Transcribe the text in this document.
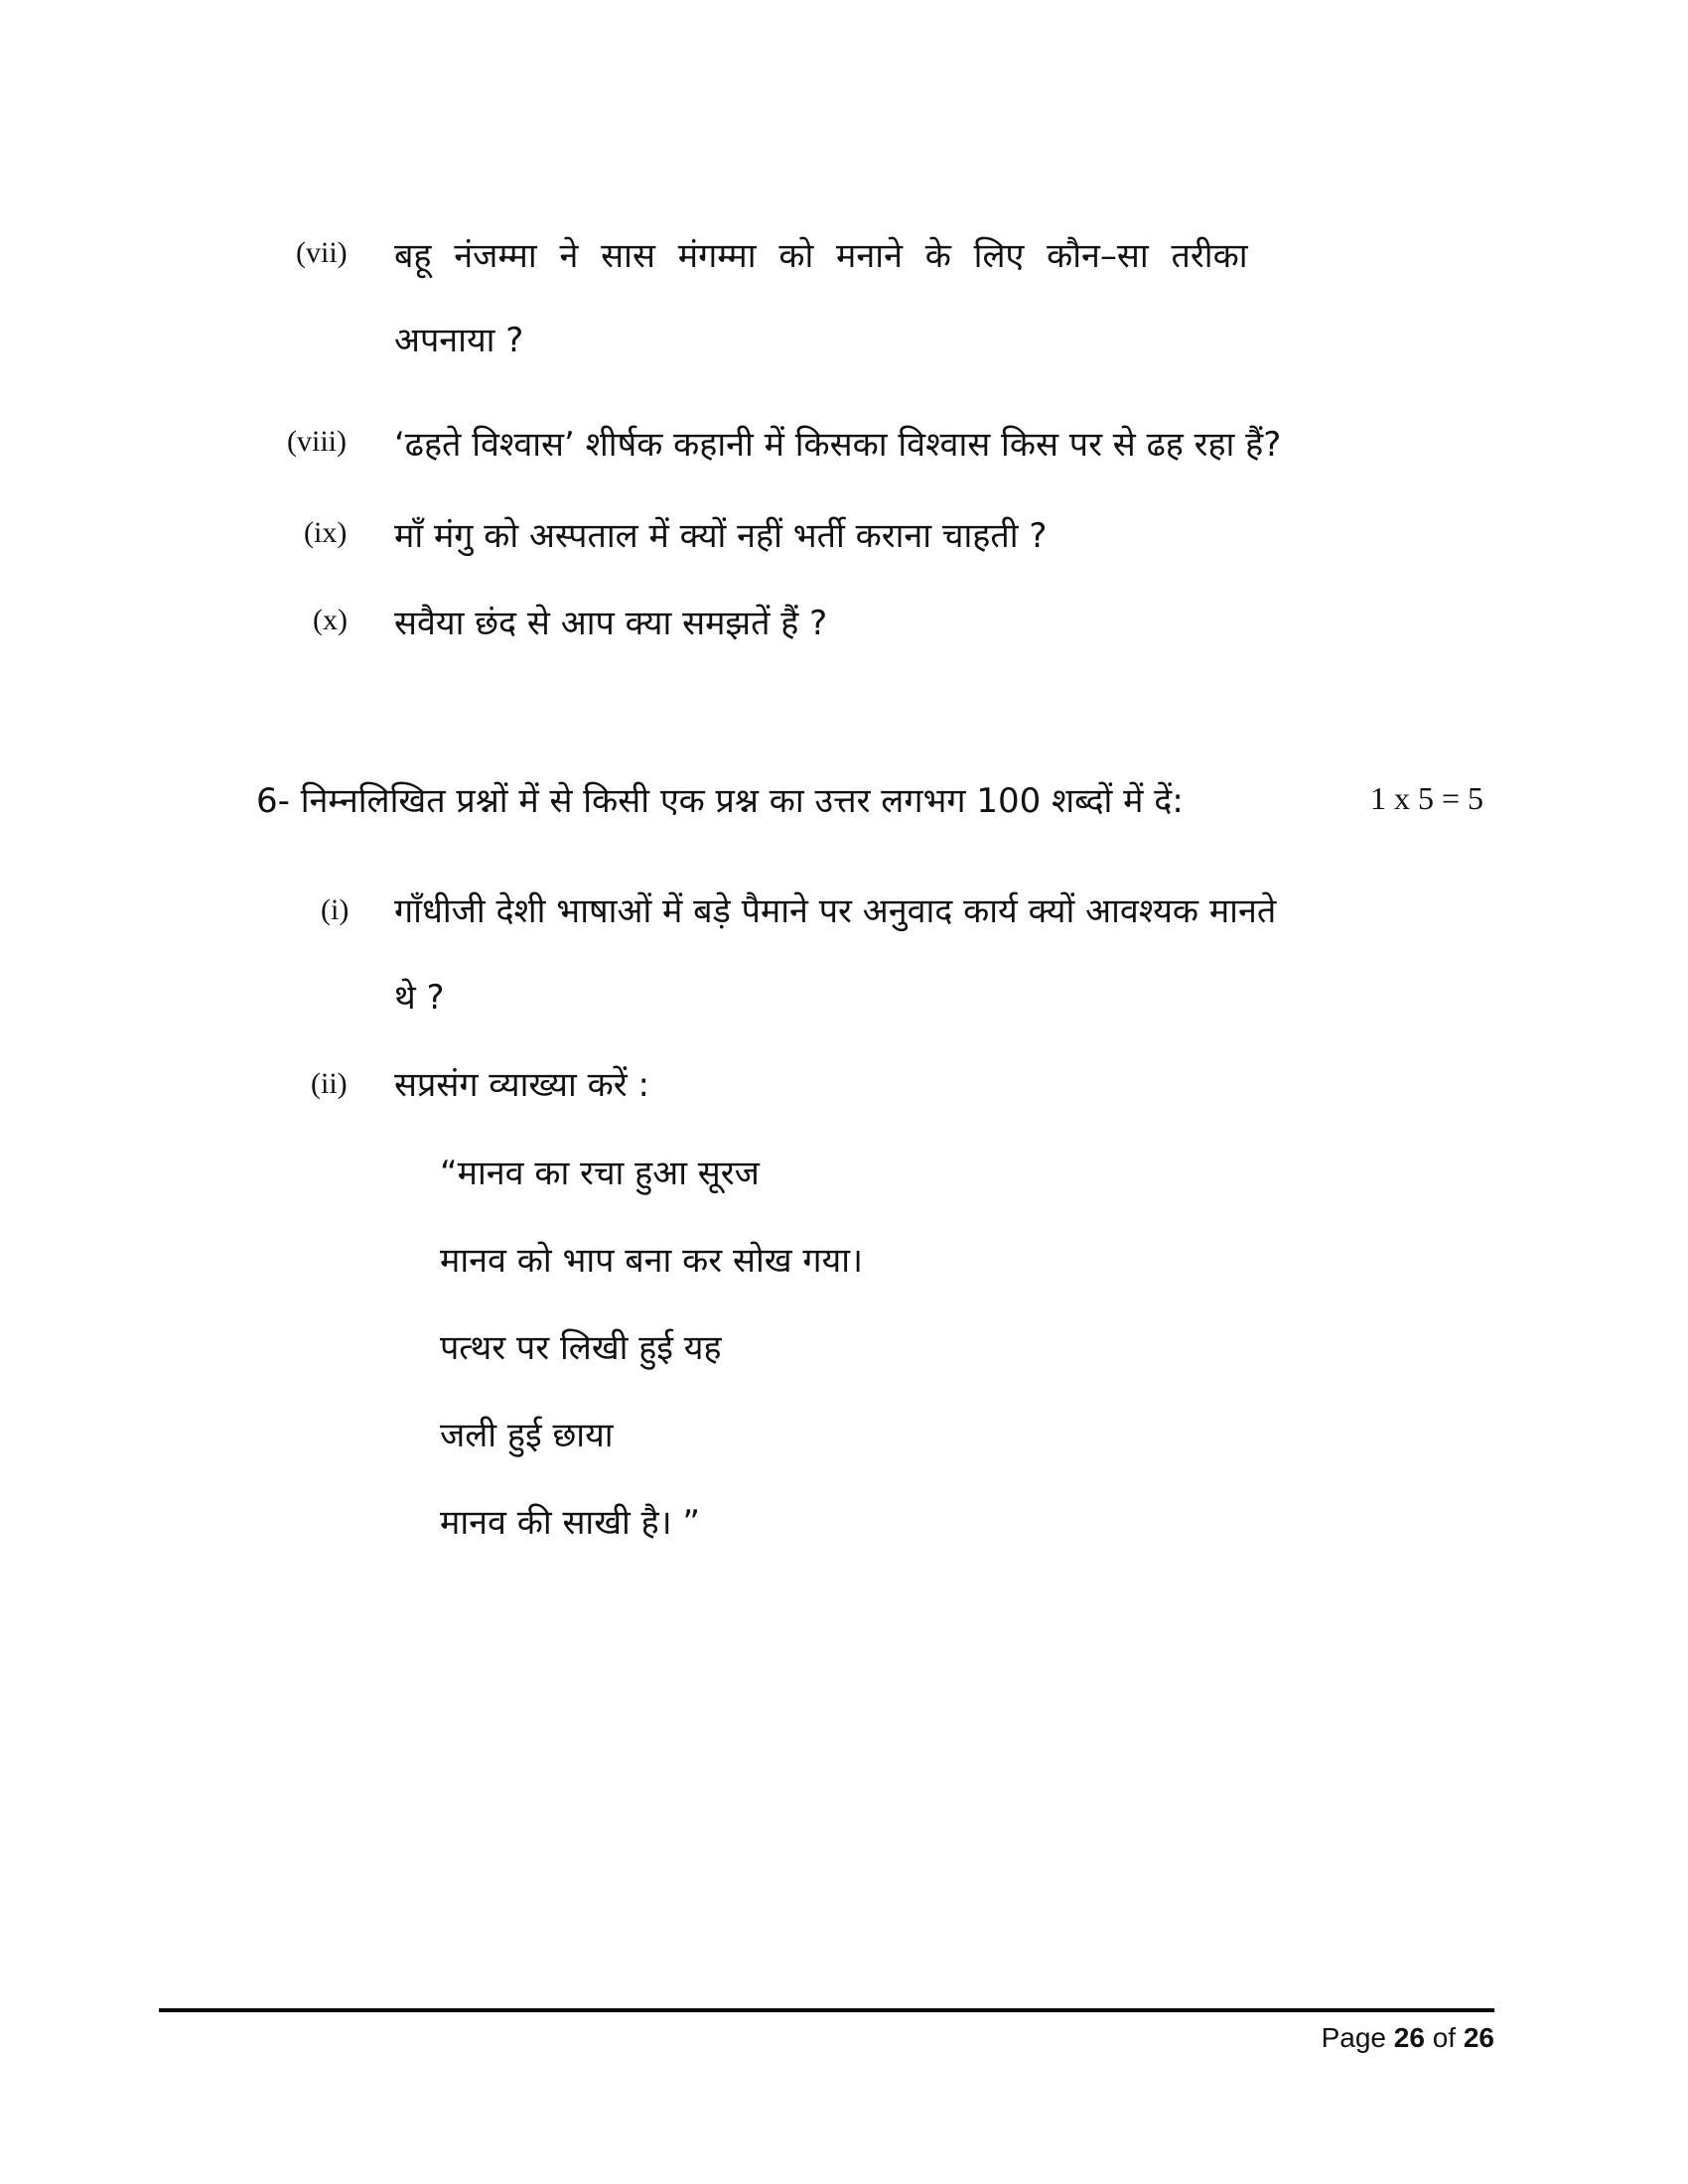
(vii) बहू नंजम्मा ने सास मंगम्मा को मनाने के लिए कौन–सा तरीका
अपनाया ?
(viii) ‘ढहते विश्वास’ शीर्षक कहानी में किसका विश्वास किस पर से ढह रहा हैं?
(ix) माँ मंगु को अस्पताल में क्यों नहीं भर्ती कराना चाहती ?
(x) सवैया छंद से आप क्या समझतें हैं ?
6- निम्नलिखित प्रश्नों में से किसी एक प्रश्न का उत्तर लगभग 100 शब्दों में दें:	1 x 5 = 5
(i) गाँधीजी देशी भाषाओं में बड़े पैमाने पर अनुवाद कार्य क्यों आवश्यक मानते
थे ?
(ii) सप्रसंग व्याख्या करें :
“मानव का रचा हुआ सूरज
मानव को भाप बना कर सोख गया।
पत्थर पर लिखी हुई यह
जली हुई छाया
मानव की साखी है। ”
Page 26 of 26
